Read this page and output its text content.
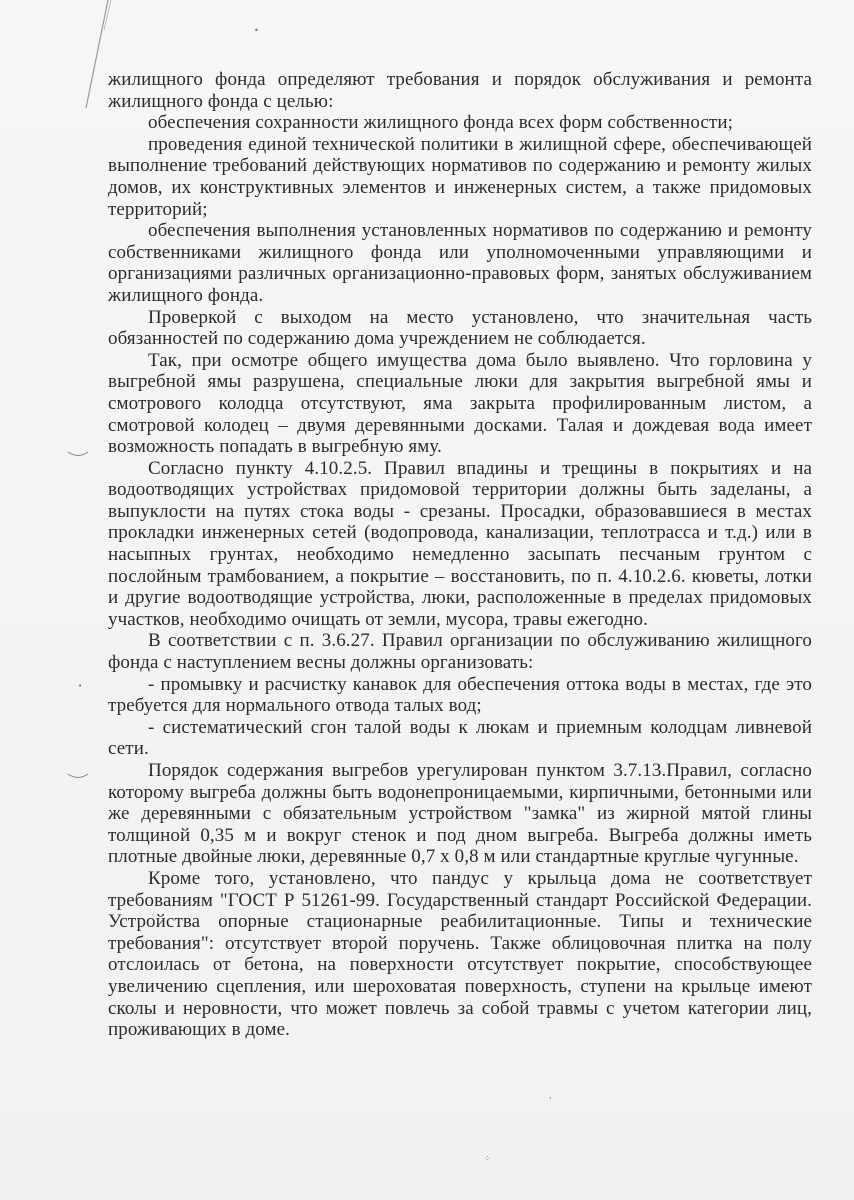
•
ʹ
⁘
•

жилищного фонда определяют требования и порядок обслуживания и ремонта жилищного фонда с целью:

обеспечения сохранности жилищного фонда всех форм собственности;

проведения единой технической политики в жилищной сфере, обеспечивающей выполнение требований действующих нормативов по содержанию и ремонту жилых домов, их конструктивных элементов и инженерных систем, а также придомовых территорий;

обеспечения выполнения установленных нормативов по содержанию и ремонту собственниками жилищного фонда или уполномоченными управляющими и организациями различных организационно-правовых форм, занятых обслуживанием жилищного фонда.

Проверкой с выходом на место установлено, что значительная часть обязанностей по содержанию дома учреждением не соблюдается.

Так, при осмотре общего имущества дома было выявлено. Что горловина у выгребной ямы разрушена, специальные люки для закрытия выгребной ямы и смотрового колодца отсутствуют, яма закрыта профилированным листом, а смотровой колодец – двумя деревянными досками. Талая и дождевая вода имеет возможность попадать в выгребную яму.

Согласно пункту 4.10.2.5. Правил впадины и трещины в покрытиях и на водоотводящих устройствах придомовой территории должны быть заделаны, а выпуклости на путях стока воды - срезаны. Просадки, образовавшиеся в местах прокладки инженерных сетей (водопровода, канализации, теплотрасса и т.д.) или в насыпных грунтах, необходимо немедленно засыпать песчаным грунтом с послойным трамбованием, а покрытие – восстановить, по п. 4.10.2.6. кюветы, лотки и другие водоотводящие устройства, люки, расположенные в пределах придомовых участков, необходимо очищать от земли, мусора, травы ежегодно.

В соответствии с п. 3.6.27. Правил организации по обслуживанию жилищного фонда с наступлением весны должны организовать:

- промывку и расчистку канавок для обеспечения оттока воды в местах, где это требуется для нормального отвода талых вод;

- систематический сгон талой воды к люкам и приемным колодцам ливневой сети.

Порядок содержания выгребов урегулирован пунктом 3.7.13.Правил, согласно которому выгреба должны быть водонепроницаемыми, кирпичными, бетонными или же деревянными с обязательным устройством "замка" из жирной мятой глины толщиной 0,35 м и вокруг стенок и под дном выгреба. Выгреба должны иметь плотные двойные люки, деревянные 0,7 х 0,8 м или стандартные круглые чугунные.

Кроме того, установлено, что пандус у крыльца дома не соответствует требованиям "ГОСТ Р 51261-99. Государственный стандарт Российской Федерации. Устройства опорные стационарные реабилитационные. Типы и технические требования": отсутствует второй поручень. Также облицовочная плитка на полу отслоилась от бетона, на поверхности отсутствует покрытие, способствующее увеличению сцепления, или шероховатая поверхность, ступени на крыльце имеют сколы и неровности, что может повлечь за собой травмы с учетом категории лиц, проживающих в доме.
